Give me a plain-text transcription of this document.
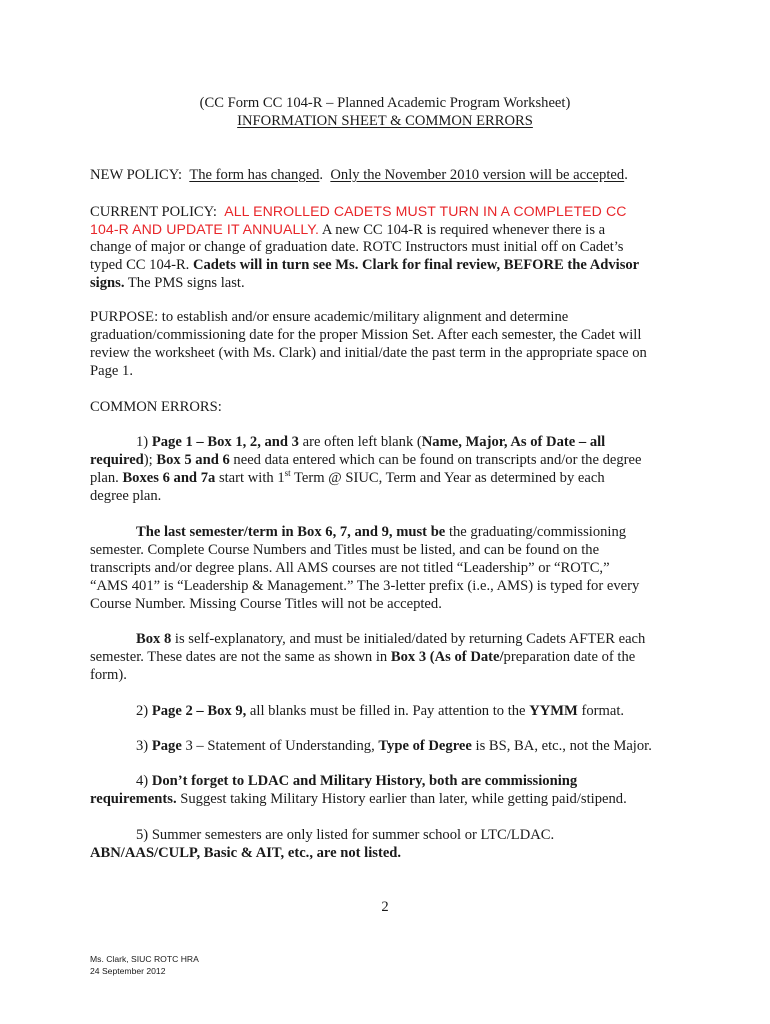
(CC Form CC 104-R – Planned Academic Program Worksheet)
INFORMATION SHEET & COMMON ERRORS
NEW POLICY: The form has changed. Only the November 2010 version will be accepted.
CURRENT POLICY: ALL ENROLLED CADETS MUST TURN IN A COMPLETED CC
104-R AND UPDATE IT ANNUALLY. A new CC 104-R is required whenever there is a
change of major or change of graduation date. ROTC Instructors must initial off on Cadet’s
typed CC 104-R. Cadets will in turn see Ms. Clark for final review, BEFORE the Advisor
signs. The PMS signs last.
PURPOSE: to establish and/or ensure academic/military alignment and determine
graduation/commissioning date for the proper Mission Set. After each semester, the Cadet will
review the worksheet (with Ms. Clark) and initial/date the past term in the appropriate space on
Page 1.
COMMON ERRORS:
1) Page 1 – Box 1, 2, and 3 are often left blank (Name, Major, As of Date – all
required); Box 5 and 6 need data entered which can be found on transcripts and/or the degree
plan. Boxes 6 and 7a start with 1st Term @ SIUC, Term and Year as determined by each
degree plan.
The last semester/term in Box 6, 7, and 9, must be the graduating/commissioning
semester. Complete Course Numbers and Titles must be listed, and can be found on the
transcripts and/or degree plans. All AMS courses are not titled “Leadership” or “ROTC,”
“AMS 401” is “Leadership & Management.” The 3-letter prefix (i.e., AMS) is typed for every
Course Number. Missing Course Titles will not be accepted.
Box 8 is self-explanatory, and must be initialed/dated by returning Cadets AFTER each
semester. These dates are not the same as shown in Box 3 (As of Date/preparation date of the
form).
2) Page 2 – Box 9, all blanks must be filled in. Pay attention to the YYMM format.
3) Page 3 – Statement of Understanding, Type of Degree is BS, BA, etc., not the Major.
4) Don’t forget to LDAC and Military History, both are commissioning
requirements. Suggest taking Military History earlier than later, while getting paid/stipend.
5) Summer semesters are only listed for summer school or LTC/LDAC.
ABN/AAS/CULP, Basic & AIT, etc., are not listed.
2
Ms. Clark, SIUC ROTC HRA
24 September 2012
